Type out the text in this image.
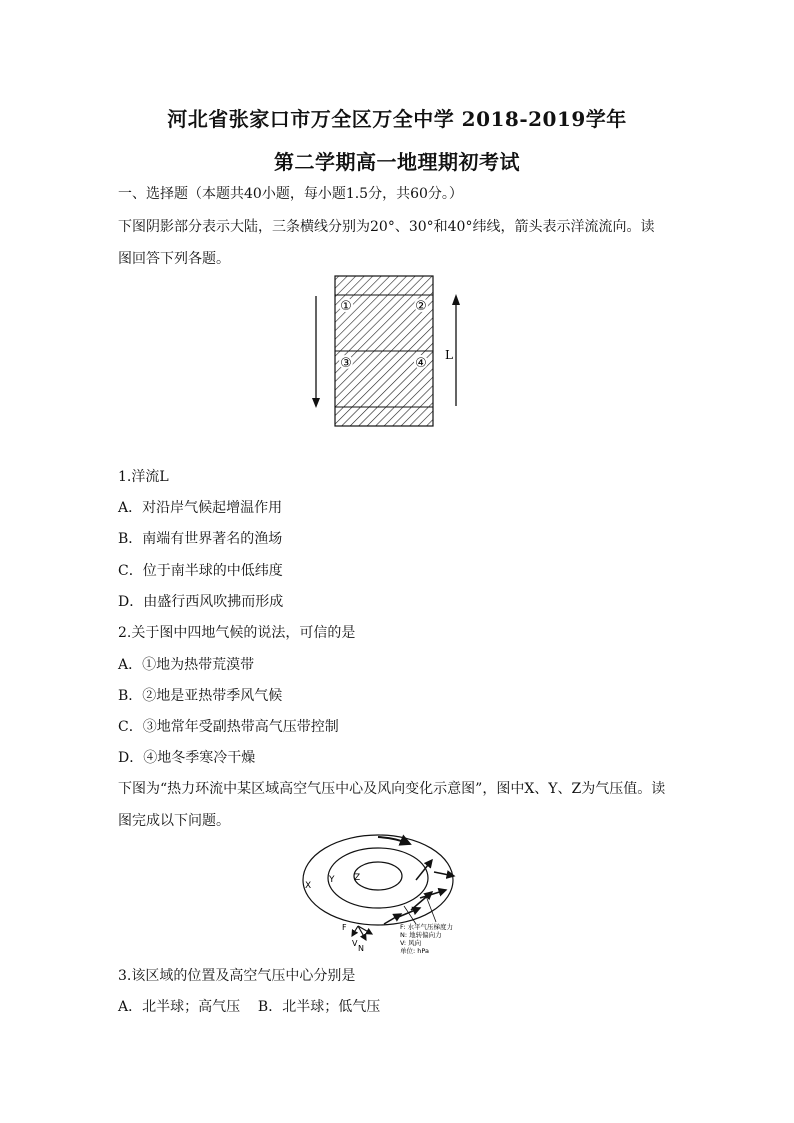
河北省张家口市万全区万全中学 2018-2019学年
第二学期高一地理期初考试
一、选择题（本题共40小题，每小题1.5分，共60分。）
下图阴影部分表示大陆，三条横线分别为20°、30°和40°纬线，箭头表示洋流流向。读
图回答下列各题。
①	②
③	④
L
1.洋流L
A．对沿岸气候起增温作用
B．南端有世界著名的渔场
C．位于南半球的中低纬度
D．由盛行西风吹拂而形成
2.关于图中四地气候的说法，可信的是
A．①地为热带荒漠带
B．②地是亚热带季风气候
C．③地常年受副热带高气压带控制
D．④地冬季寒冷干燥
下图为“热力环流中某区域高空气压中心及风向变化示意图”，图中X、Y、Z为气压值。读
图完成以下问题。
X
Y Z
F
V
N
F: 水平气压梯度力
N: 地转偏向力
V: 风向
单位: hPa
3.该区域的位置及高空气压中心分别是
A．北半球；高气压    B．北半球；低气压
